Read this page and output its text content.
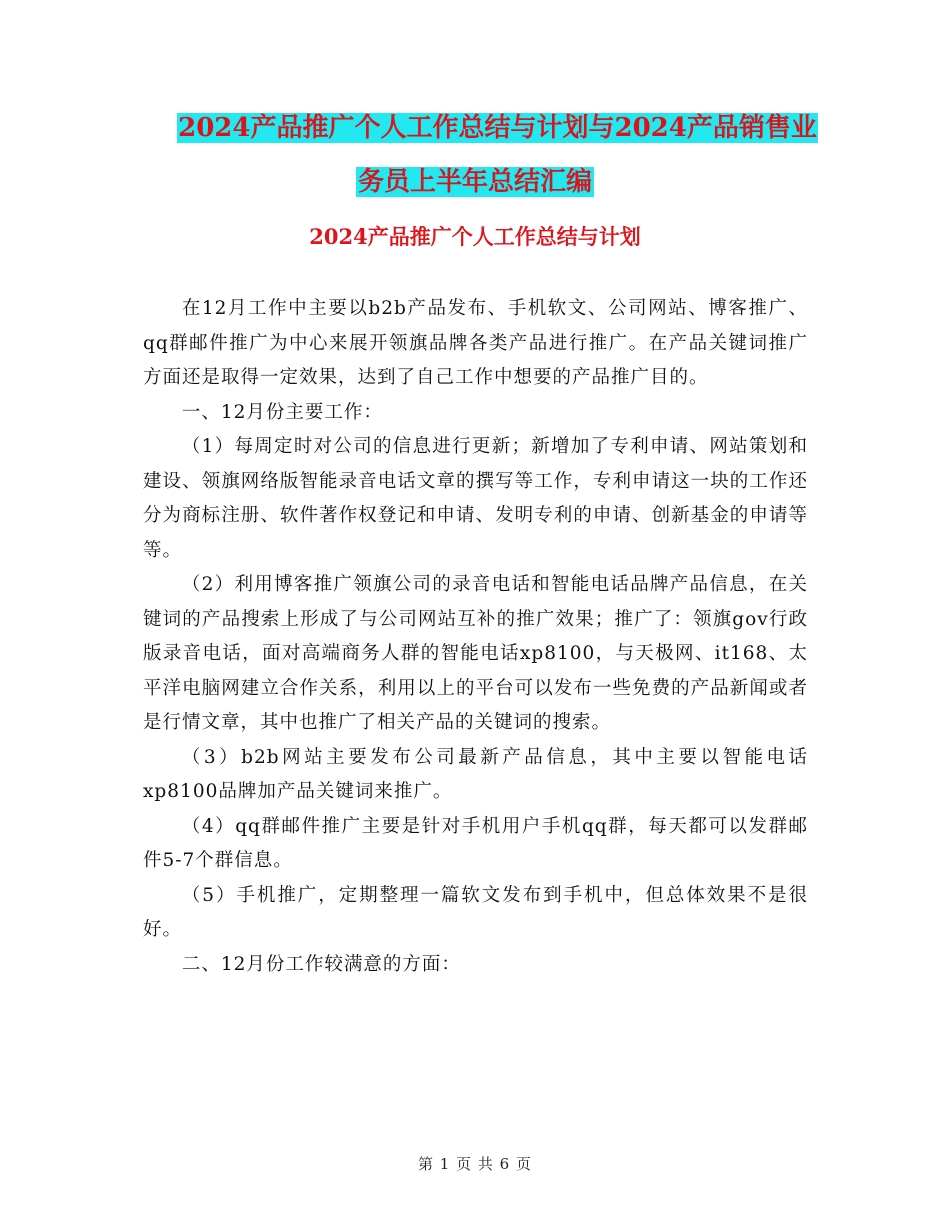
2024产品推广个人工作总结与计划与2024产品销售业
务员上半年总结汇编
2024产品推广个人工作总结与计划

在12月工作中主要以b2b产品发布、手机软文、公司网站、博客推广、qq群邮件推广为中心来展开领旗品牌各类产品进行推广。在产品关键词推广方面还是取得一定效果，达到了自己工作中想要的产品推广目的。

一、12月份主要工作：

（1）每周定时对公司的信息进行更新；新增加了专利申请、网站策划和建设、领旗网络版智能录音电话文章的撰写等工作，专利申请这一块的工作还分为商标注册、软件著作权登记和申请、发明专利的申请、创新基金的申请等等。

（2）利用博客推广领旗公司的录音电话和智能电话品牌产品信息，在关键词的产品搜索上形成了与公司网站互补的推广效果；推广了：领旗gov行政版录音电话，面对高端商务人群的智能电话xp8100，与天极网、it168、太平洋电脑网建立合作关系，利用以上的平台可以发布一些免费的产品新闻或者是行情文章，其中也推广了相关产品的关键词的搜索。

（3）b2b网站主要发布公司最新产品信息，其中主要以智能电话xp8100品牌加产品关键词来推广。

（4）qq群邮件推广主要是针对手机用户手机qq群，每天都可以发群邮件5-7个群信息。

（5）手机推广，定期整理一篇软文发布到手机中，但总体效果不是很好。

二、12月份工作较满意的方面：

第 1 页 共 6 页
